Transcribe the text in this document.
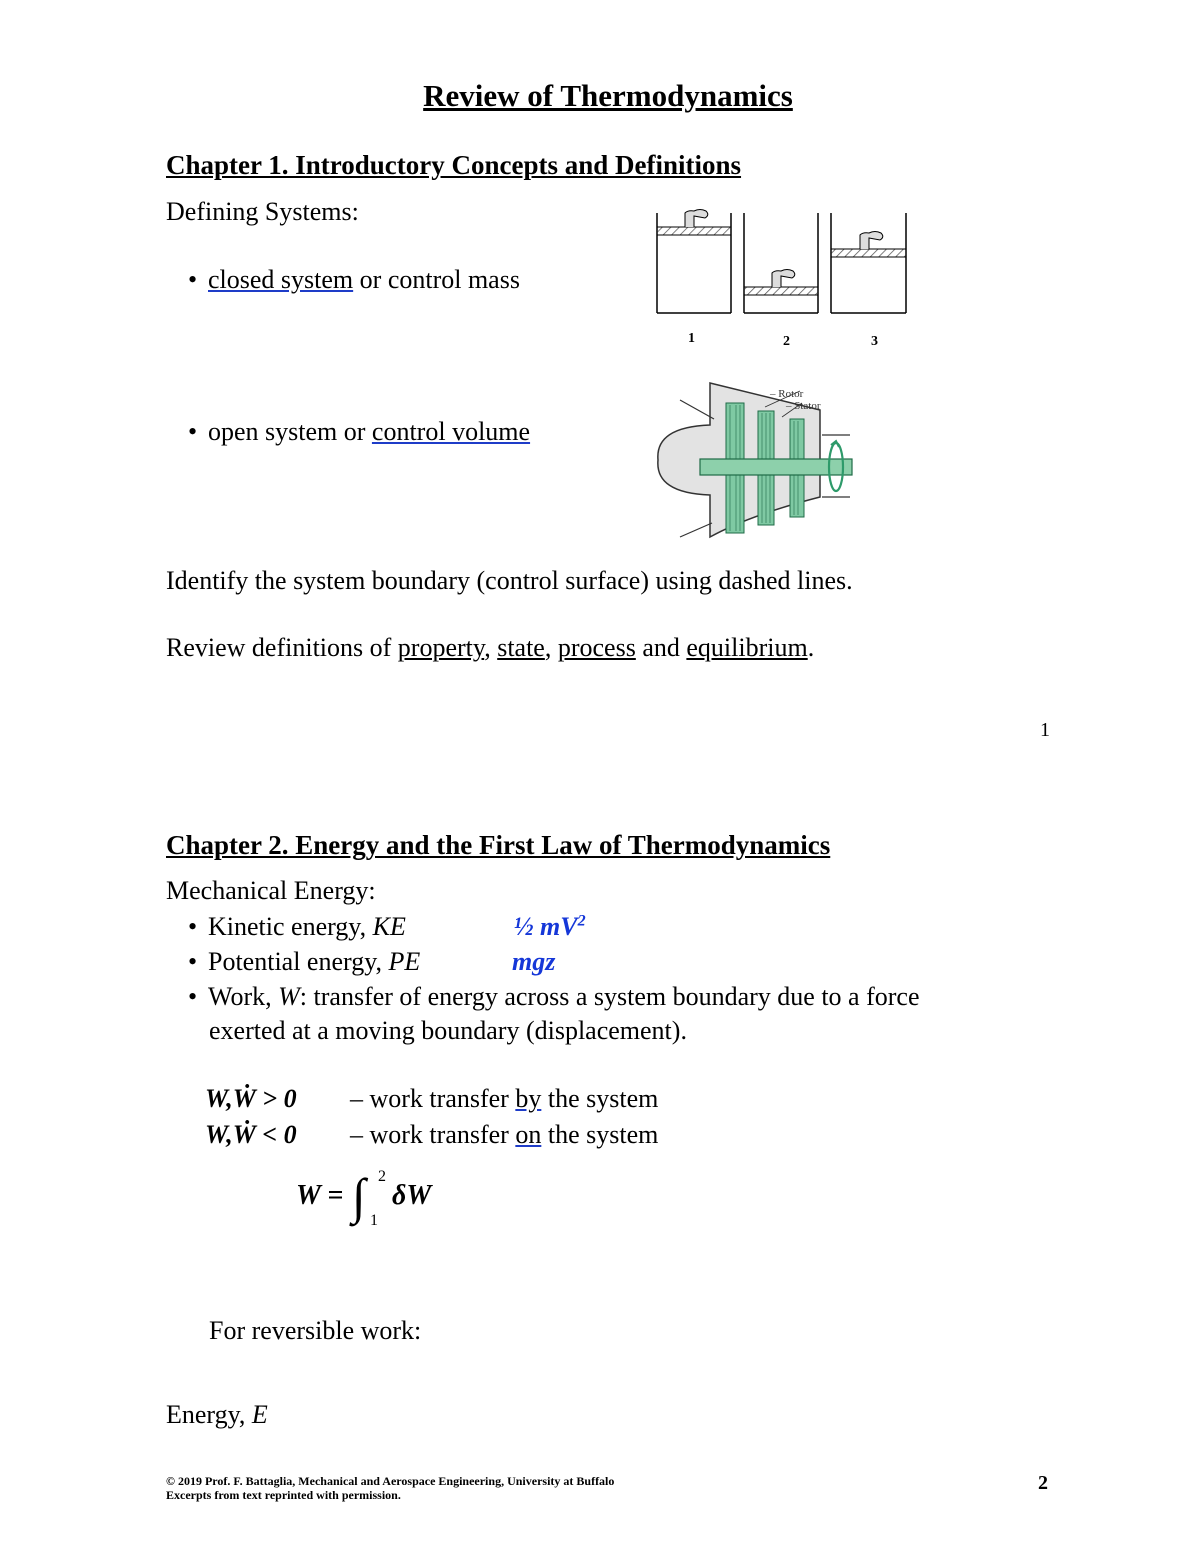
Review of Thermodynamics
Chapter 1. Introductory Concepts and Definitions
Defining Systems:
• closed system or control mass
• open system or control volume
1	2	3
– Rotor
– Stator
Identify the system boundary (control surface) using dashed lines.
Review definitions of property, state, process and equilibrium.
1
Chapter 2. Energy and the First Law of Thermodynamics
Mechanical Energy:
• Kinetic energy, KE	½ $mV^2$
• Potential energy, PE	mgz
• Work, W: transfer of energy across a system boundary due to a force
exerted at a moving boundary (displacement).
W,Ẇ > 0 – work transfer by the system
W,Ẇ < 0 – work transfer on the system
W = ∫ 2
1
δW
For reversible work:
Energy, E
© 2019 Prof. F. Battaglia, Mechanical and Aerospace Engineering, University at Buffalo
Excerpts from text reprinted with permission.
2
